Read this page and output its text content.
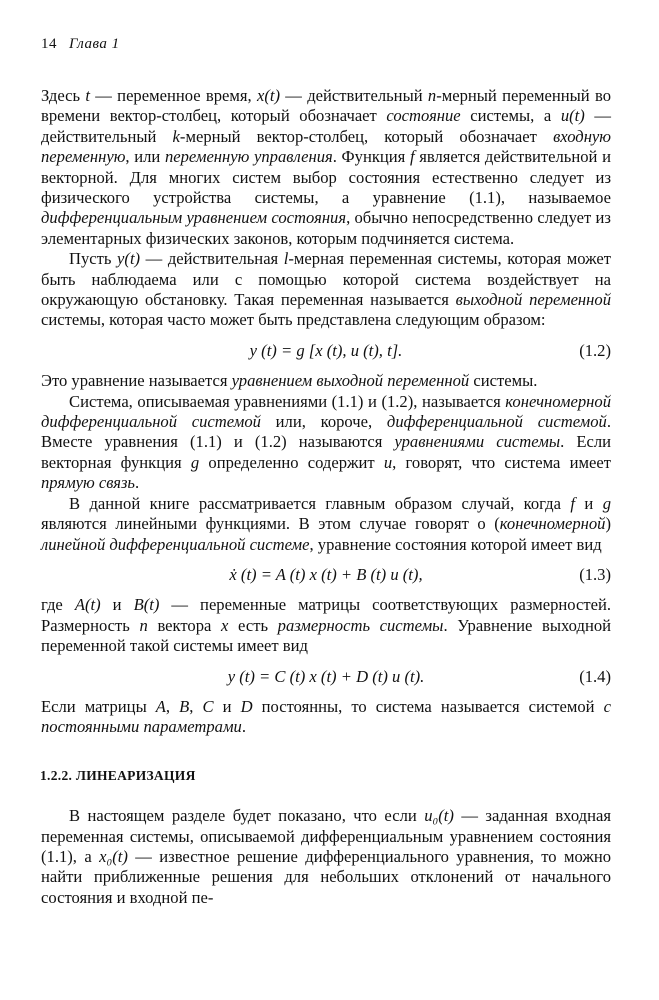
14 Глава 1

Здесь t — переменное время, x(t) — действительный n-мерный переменный во времени вектор-столбец, который обозначает состояние системы, а u(t) — действительный k-мерный вектор-столбец, который обозначает входную переменную, или переменную управления. Функция f является действительной и векторной. Для многих систем выбор состояния естественно следует из физического устройства системы, а уравнение (1.1), называемое дифференциальным уравнением состояния, обычно непосредственно следует из элементарных физических законов, которым подчиняется система.

Пусть y(t) — действительная l-мерная переменная системы, которая может быть наблюдаема или с помощью которой система воздействует на окружающую обстановку. Такая переменная называется выходной переменной системы, которая часто может быть представлена следующим образом:

y (t) = g [x (t), u (t), t].	(1.2)

Это уравнение называется уравнением выходной переменной системы.

Система, описываемая уравнениями (1.1) и (1.2), называется конечномерной дифференциальной системой или, короче, дифференциальной системой. Вместе уравнения (1.1) и (1.2) называются уравнениями системы. Если векторная функция g определенно содержит u, говорят, что система имеет прямую связь.

В данной книге рассматривается главным образом случай, когда f и g являются линейными функциями. В этом случае говорят о (конечномерной) линейной дифференциальной системе, уравнение состояния которой имеет вид

ẋ (t) = A (t) x (t) + B (t) u (t),	(1.3)

где A(t) и B(t) — переменные матрицы соответствующих размерностей. Размерность n вектора x есть размерность системы. Уравнение выходной переменной такой системы имеет вид

y (t) = C (t) x (t) + D (t) u (t).	(1.4)

Если матрицы A, B, C и D постоянны, то система называется системой с постоянными параметрами.

1.2.2. ЛИНЕАРИЗАЦИЯ

В настоящем разделе будет показано, что если u₀(t) — заданная входная переменная системы, описываемой дифференциальным уравнением состояния (1.1), а x₀(t) — известное решение дифференциального уравнения, то можно найти приближенные решения для небольших отклонений от начального состояния и входной пе-
